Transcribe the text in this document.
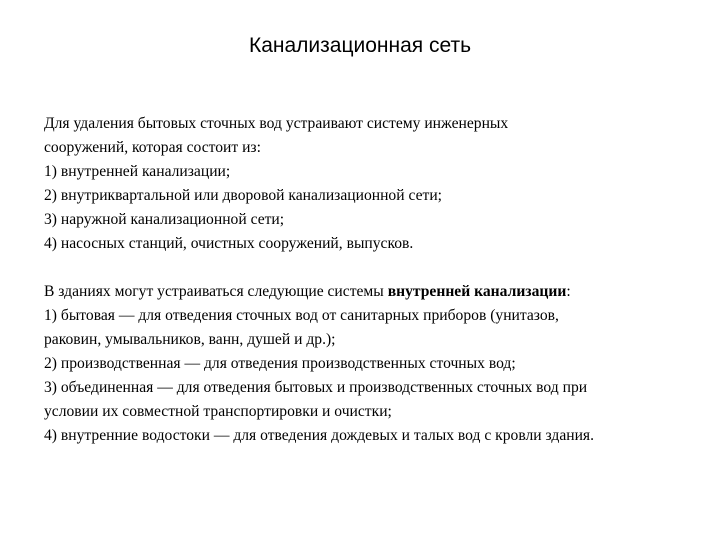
Канализационная сеть
Для удаления бытовых сточных вод устраивают систему инженерных
сооружений, которая состоит из:
1) внутренней канализации;
2) внутриквартальной или дворовой канализационной сети;
3) наружной канализационной сети;
4) насосных станций, очистных сооружений, выпусков.
В зданиях могут устраиваться следующие системы внутренней канализации:
1) бытовая — для отведения сточных вод от санитарных приборов (унитазов,
раковин, умывальников, ванн, душей и др.);
2) производственная — для отведения производственных сточных вод;
3) объединенная — для отведения бытовых и производственных сточных вод при
условии их совместной транспортировки и очистки;
4) внутренние водостоки — для отведения дождевых и талых вод с кровли здания.
